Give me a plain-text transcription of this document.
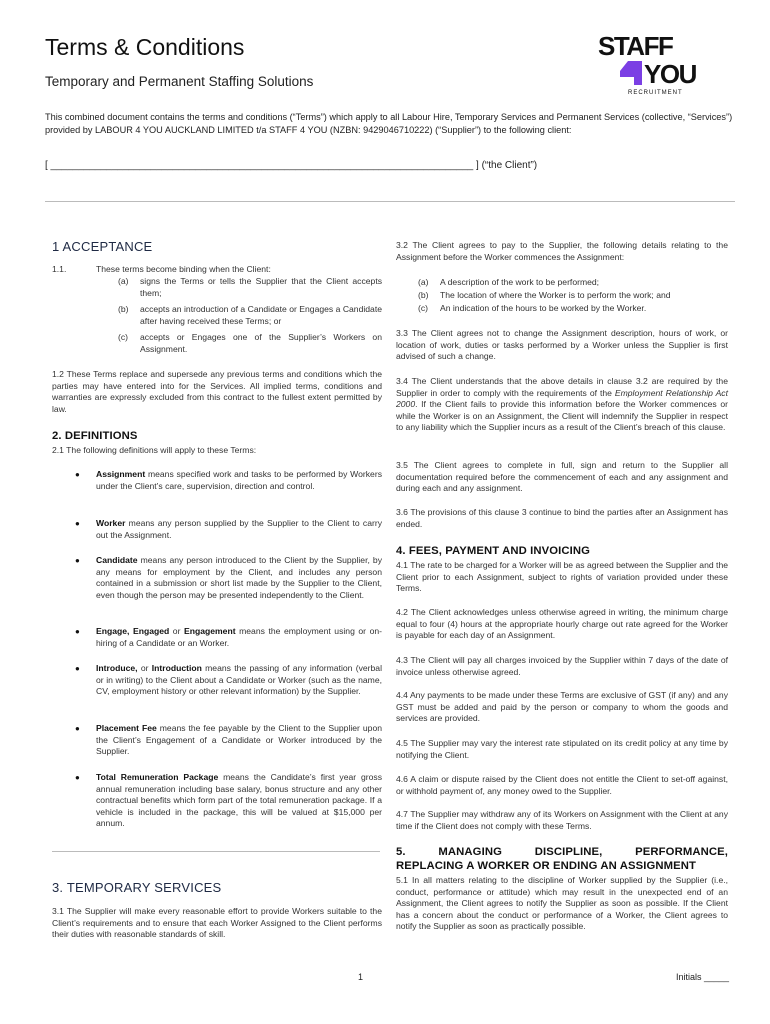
Terms & Conditions
Temporary and Permanent Staffing Solutions
STAFF
YOU
RECRUITMENT
This combined document contains the terms and conditions (“Terms”) which apply to all Labour Hire, Temporary Services and Permanent Services (collective, “Services”) provided by LABOUR 4 YOU AUCKLAND LIMITED t/a STAFF 4 YOU (NZBN: 9429046710222) (“Supplier”) to the following client:
[ ____________________________________________________________________________ ] (“the Client”)
1 ACCEPTANCE
1.1.	These terms become binding when the Client:
(a)	signs the Terms or tells the Supplier that the Client accepts them;
(b)	accepts an introduction of a Candidate or Engages a Candidate after having received these Terms; or
(c)	accepts or Engages one of the Supplier’s Workers on Assignment.
1.2 These Terms replace and supersede any previous terms and conditions which the parties may have entered into for the Services. All implied terms, conditions and warranties are expressly excluded from this contract to the fullest extent permitted by law.
2. DEFINITIONS
2.1 The following definitions will apply to these Terms:
● Assignment means specified work and tasks to be performed by Workers under the Client’s care, supervision, direction and control.
● Worker means any person supplied by the Supplier to the Client to carry out the Assignment.
● Candidate means any person introduced to the Client by the Supplier, by any means for employment by the Client, and includes any person contained in a submission or short list made by the Supplier to the Client, even though the person may be presented independently to the Client.
● Engage, Engaged or Engagement means the employment using or on-hiring of a Candidate or an Worker.
● Introduce, or Introduction means the passing of any information (verbal or in writing) to the Client about a Candidate or Worker (such as the name, CV, employment history or other relevant information) by the Supplier.
● Placement Fee means the fee payable by the Client to the Supplier upon the Client’s Engagement of a Candidate or Worker introduced by the Supplier.
● Total Remuneration Package means the Candidate’s first year gross annual remuneration including base salary, bonus structure and any other contractual benefits which form part of the total remuneration package. If a vehicle is included in the package, this will be valued at $15,000 per annum.
3. TEMPORARY SERVICES
3.1 The Supplier will make every reasonable effort to provide Workers suitable to the Client’s requirements and to ensure that each Worker Assigned to the Client performs their duties with reasonable standards of skill.
3.2 The Client agrees to pay to the Supplier, the following details relating to the Assignment before the Worker commences the Assignment:
(a)	A description of the work to be performed;
(b)	The location of where the Worker is to perform the work; and
(c)	An indication of the hours to be worked by the Worker.
3.3 The Client agrees not to change the Assignment description, hours of work, or location of work, duties or tasks performed by a Worker unless the Supplier is first advised of such a change.
3.4 The Client understands that the above details in clause 3.2 are required by the Supplier in order to comply with the requirements of the Employment Relationship Act 2000. If the Client fails to provide this information before the Worker commences or while the Worker is on an Assignment, the Client will indemnify the Supplier in respect to any liability which the Supplier incurs as a result of the Client’s breach of this clause.
3.5 The Client agrees to complete in full, sign and return to the Supplier all documentation required before the commencement of each and any assignment and during each and any assignment.
3.6 The provisions of this clause 3 continue to bind the parties after an Assignment has ended.
4. FEES, PAYMENT AND INVOICING
4.1 The rate to be charged for a Worker will be as agreed between the Supplier and the Client prior to each Assignment, subject to rights of variation provided under these Terms.
4.2 The Client acknowledges unless otherwise agreed in writing, the minimum charge equal to four (4) hours at the appropriate hourly charge out rate agreed for the Worker is payable for each day of an Assignment.
4.3 The Client will pay all charges invoiced by the Supplier within 7 days of the date of invoice unless otherwise agreed.
4.4 Any payments to be made under these Terms are exclusive of GST (if any) and any GST must be added and paid by the person or company to whom the goods and services are provided.
4.5 The Supplier may vary the interest rate stipulated on its credit policy at any time by notifying the Client.
4.6 A claim or dispute raised by the Client does not entitle the Client to set-off against, or withhold payment of, any money owed to the Supplier.
4.7 The Supplier may withdraw any of its Workers on Assignment with the Client at any time if the Client does not comply with these Terms.
5.      MANAGING      DISCIPLINE,      PERFORMANCE, REPLACING A WORKER OR ENDING AN ASSIGNMENT
5.1 In all matters relating to the discipline of Worker supplied by the Supplier (i.e., conduct, performance or attitude) which may result in the unexpected end of an Assignment, the Client agrees to notify the Supplier as soon as possible. If the Client has a concern about the conduct or performance of a Worker, the Client agrees to notify the Supplier as soon as practically possible.
1	Initials _____
